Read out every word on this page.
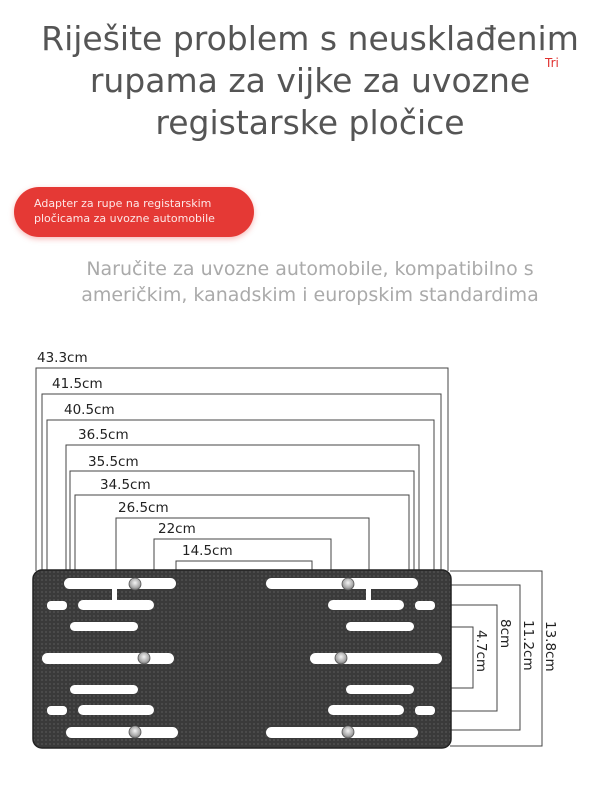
Riješite problem s neusklađenim rupama za vijke za uvozne registarske pločice
Tri
Adapter za rupe na registarskim
pločicama za uvozne automobile

Naručite za uvozne automobile, kompatibilno s američkim, kanadskim i europskim standardima

43.3cm
41.5cm
40.5cm
36.5cm
35.5cm
34.5cm
26.5cm
22cm
14.5cm
13.8cm
11.2cm
8cm
4.7cm
